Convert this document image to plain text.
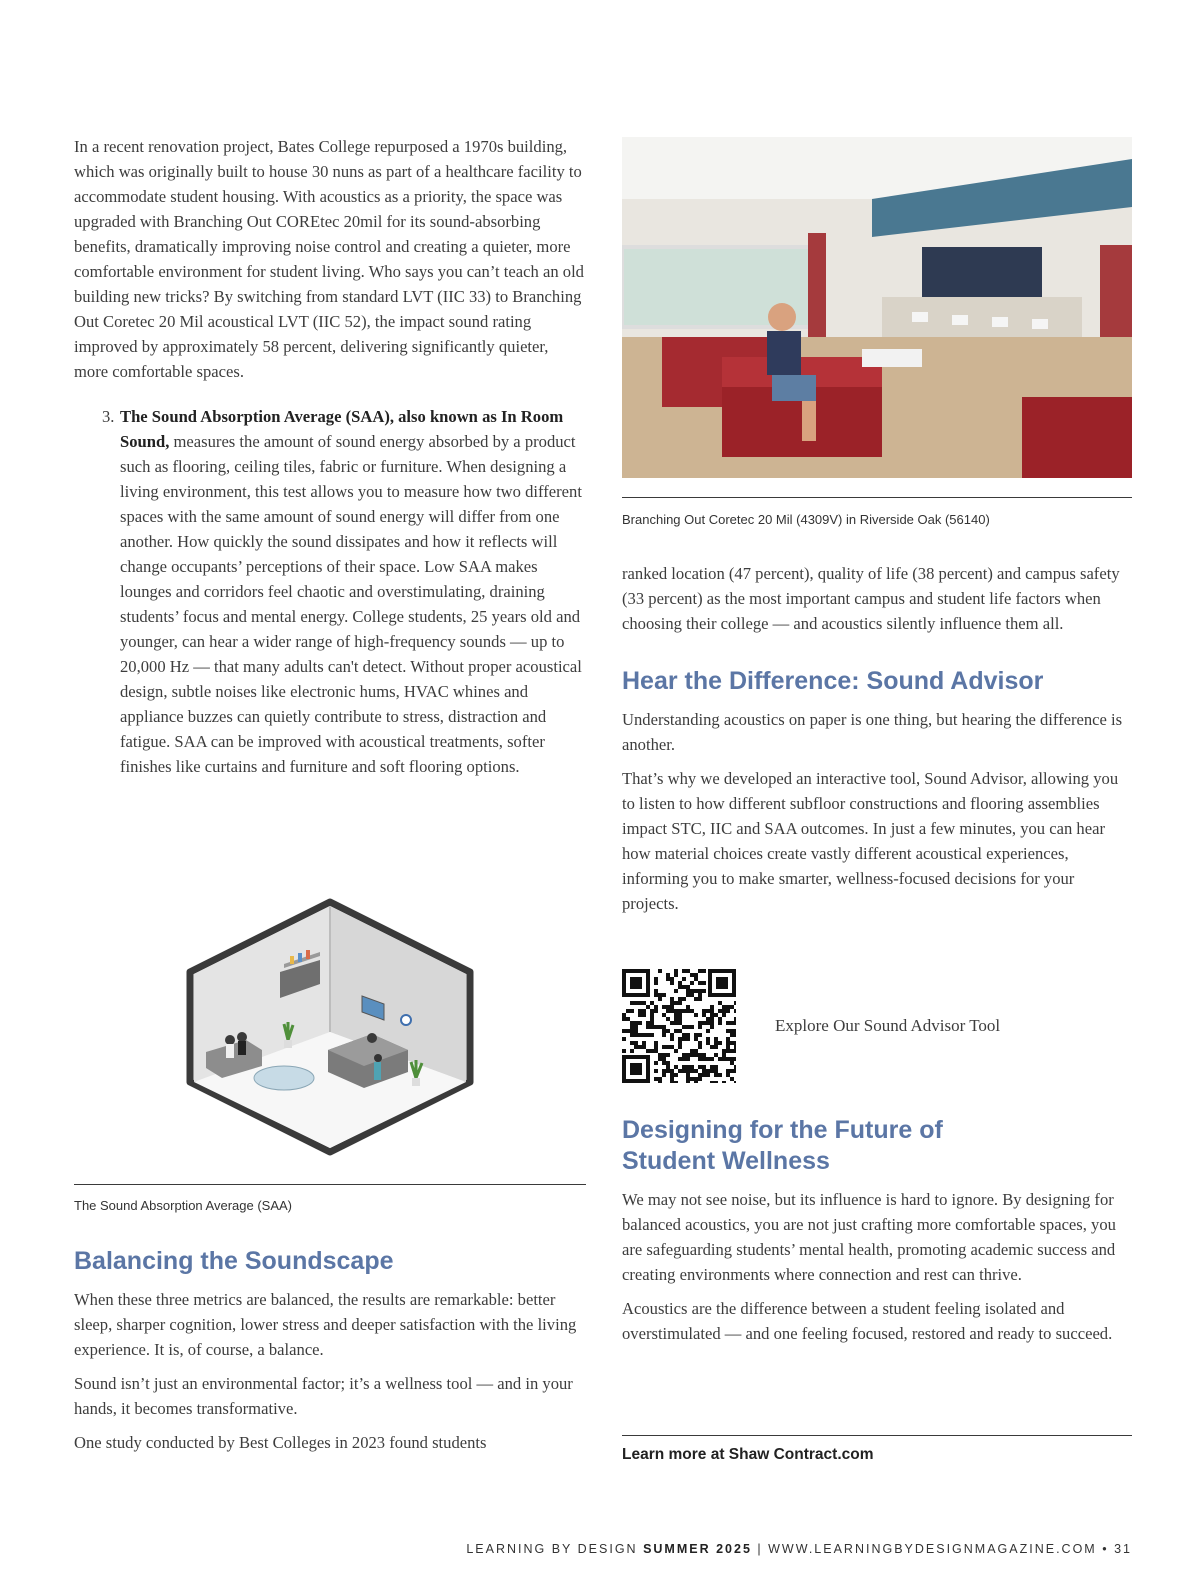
In a recent renovation project, Bates College repurposed a 1970s building, which was originally built to house 30 nuns as part of a healthcare facility to accommodate student housing. With acoustics as a priority, the space was upgraded with Branching Out COREtec 20mil for its sound-absorbing benefits, dramatically improving noise control and creating a quieter, more comfortable environment for student living. Who says you can’t teach an old building new tricks? By switching from standard LVT (IIC 33) to Branching Out Coretec 20 Mil acoustical LVT (IIC 52), the impact sound rating improved by approximately 58 percent, delivering significantly quieter, more comfortable spaces.

3. The Sound Absorption Average (SAA), also known as In Room Sound, measures the amount of sound energy absorbed by a product such as flooring, ceiling tiles, fabric or furniture. When designing a living environment, this test allows you to measure how two different spaces with the same amount of sound energy will differ from one another. How quickly the sound dissipates and how it reflects will change occupants’ perceptions of their space. Low SAA makes lounges and corridors feel chaotic and overstimulating, draining students’ focus and mental energy. College students, 25 years old and younger, can hear a wider range of high-frequency sounds — up to 20,000 Hz — that many adults can't detect. Without proper acoustical design, subtle noises like electronic hums, HVAC whines and appliance buzzes can quietly contribute to stress, distraction and fatigue. SAA can be improved with acoustical treatments, softer finishes like curtains and furniture and soft flooring options.

The Sound Absorption Average (SAA)
Balancing the Soundscape

When these three metrics are balanced, the results are remarkable: better sleep, sharper cognition, lower stress and deeper satisfaction with the living experience. It is, of course, a balance.

Sound isn’t just an environmental factor; it’s a wellness tool — and in your hands, it becomes transformative.

One study conducted by Best Colleges in 2023 found students

Branching Out Coretec 20 Mil (4309V) in Riverside Oak (56140)

ranked location (47 percent), quality of life (38 percent) and campus safety (33 percent) as the most important campus and student life factors when choosing their college — and acoustics silently influence them all.

Hear the Difference: Sound Advisor

Understanding acoustics on paper is one thing, but hearing the difference is another.

That’s why we developed an interactive tool, Sound Advisor, allowing you to listen to how different subfloor constructions and flooring assemblies impact STC, IIC and SAA outcomes. In just a few minutes, you can hear how material choices create vastly different acoustical experiences, informing you to make smarter, wellness-focused decisions for your projects.

Explore Our Sound Advisor Tool
Designing for the Future of
Student Wellness

We may not see noise, but its influence is hard to ignore. By designing for balanced acoustics, you are not just crafting more comfortable spaces, you are safeguarding students’ mental health, promoting academic success and creating environments where connection and rest can thrive.

Acoustics are the difference between a student feeling isolated and overstimulated — and one feeling focused, restored and ready to succeed.

Learn more at Shaw Contract.com
LEARNING BY DESIGN SUMMER 2025 | WWW.LEARNINGBYDESIGNMAGAZINE.COM • 31
